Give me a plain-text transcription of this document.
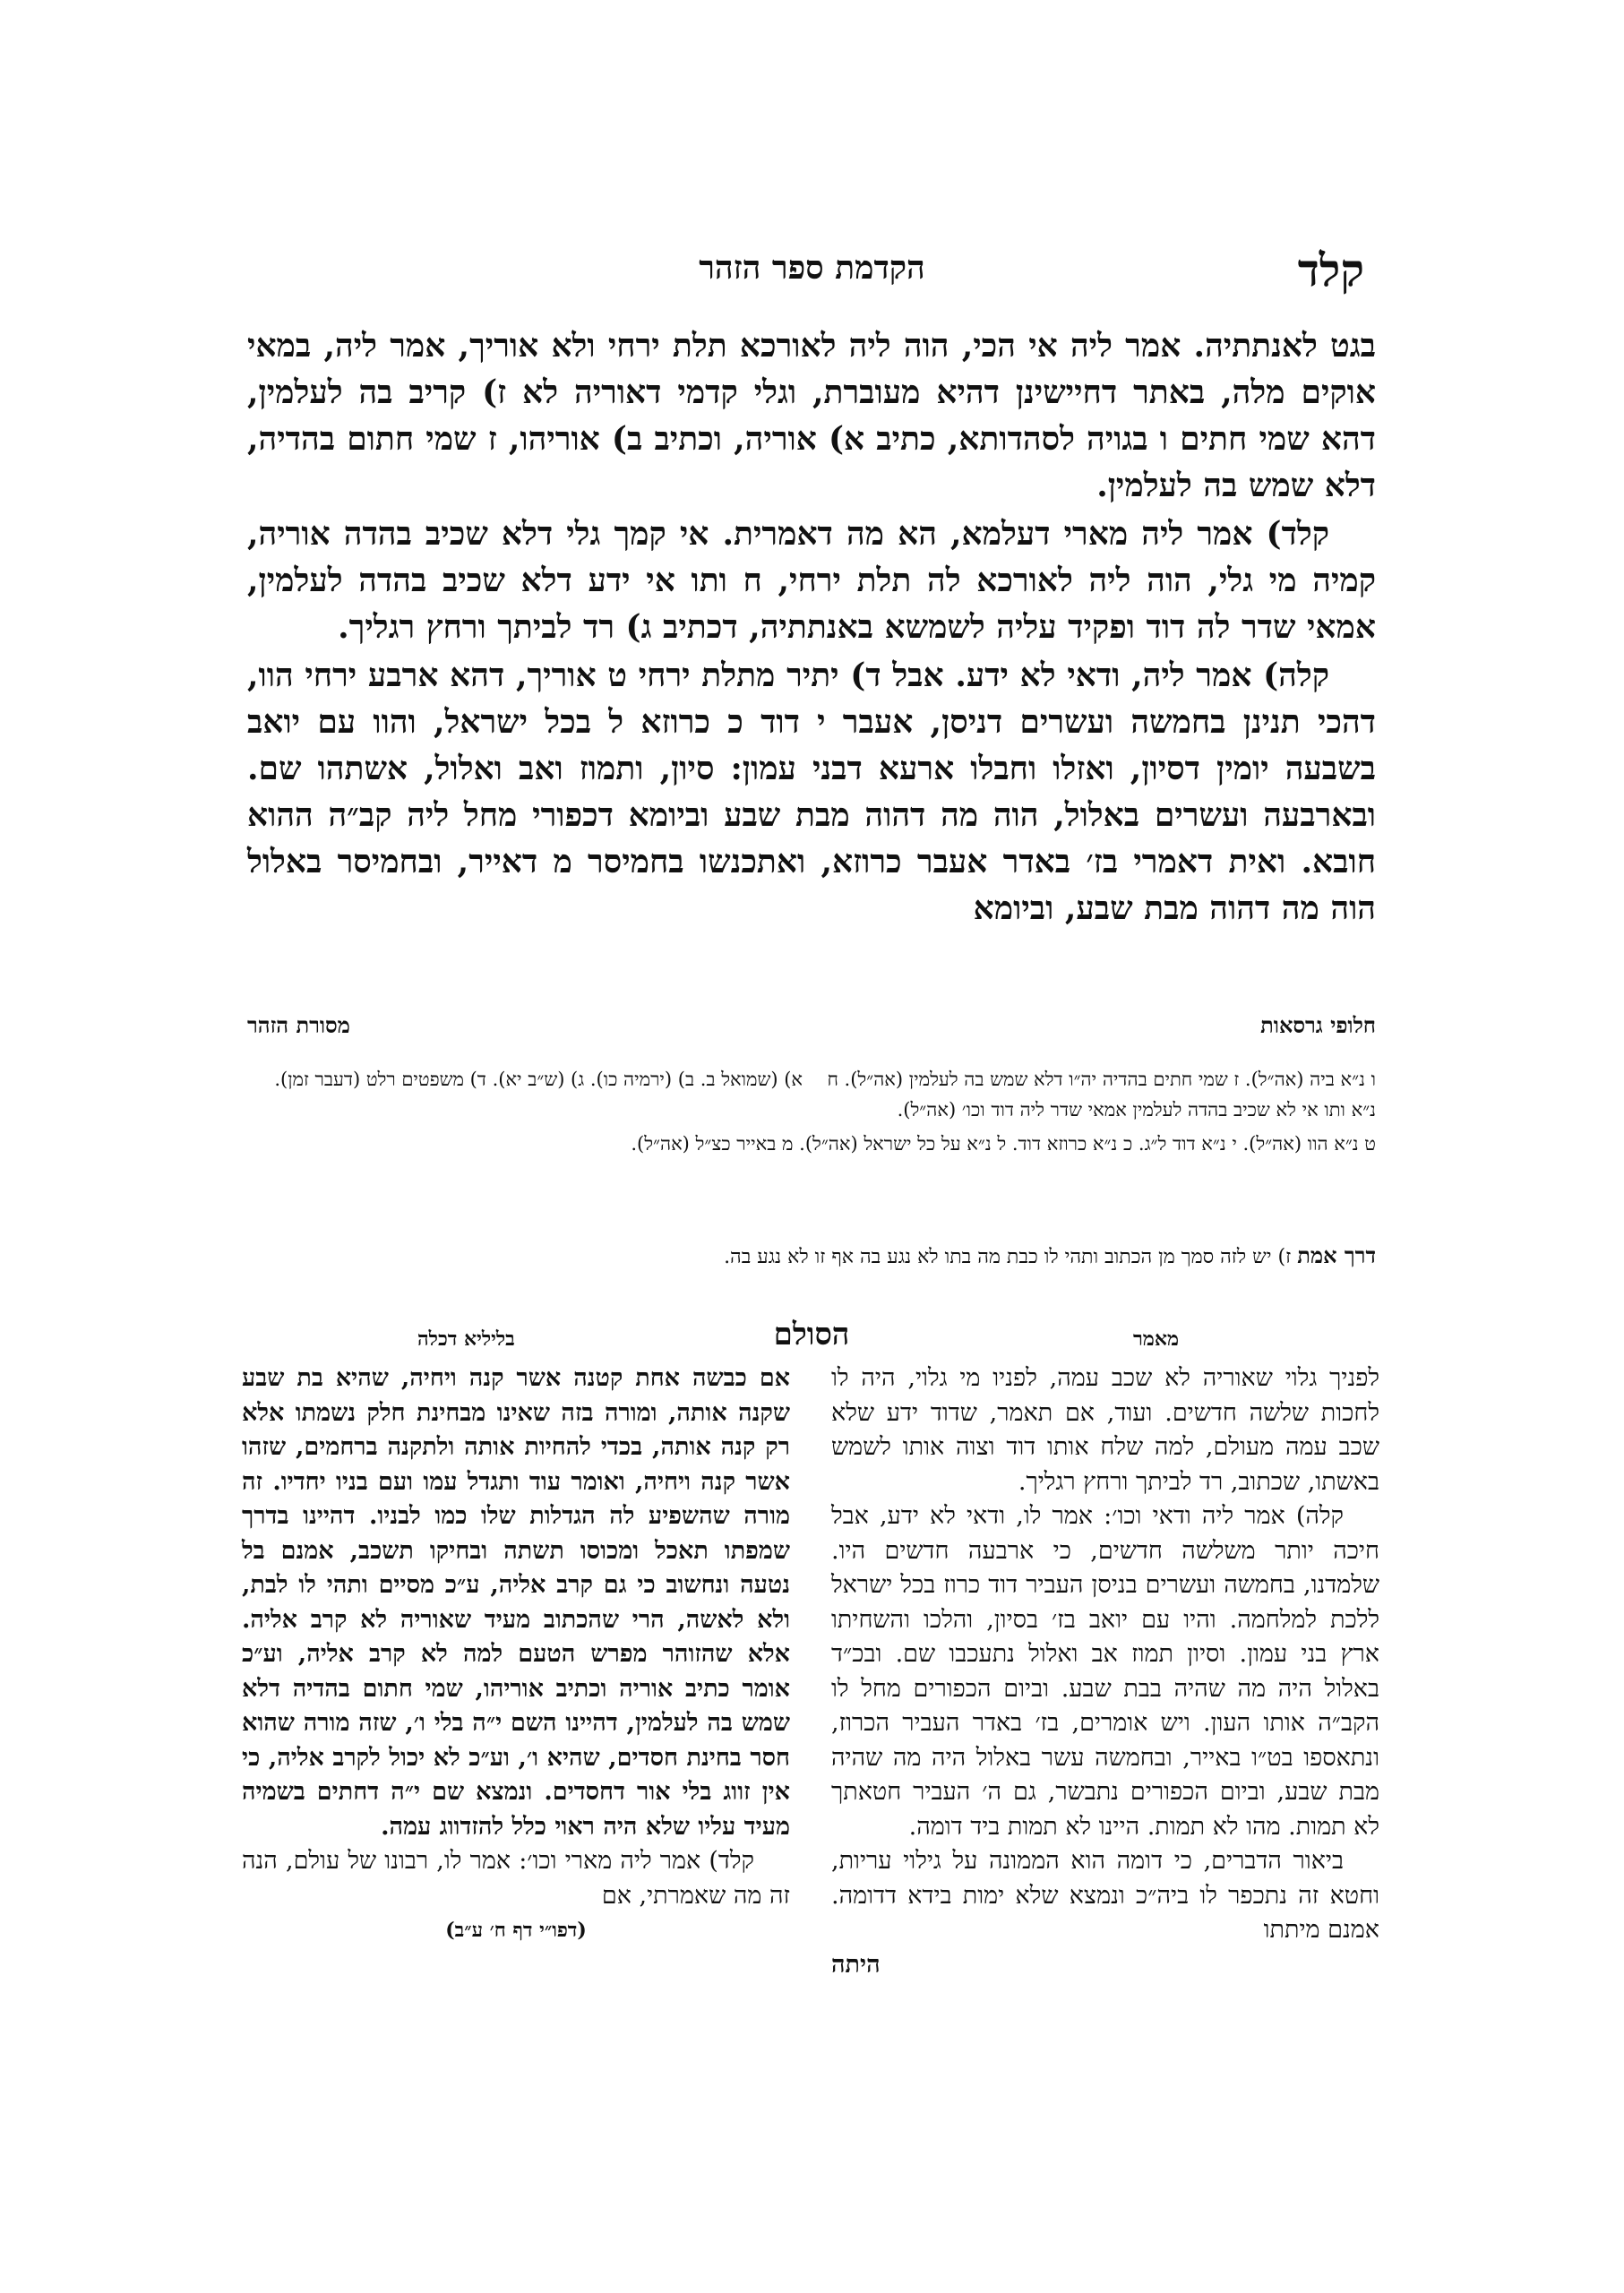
קלד
הקדמת ספר הזהר

בגט לאנתתיה. אמר ליה אי הכי, הוה ליה לאורכא תלת ירחי ולא אוריך, אמר ליה, במאי אוקים מלה, באתר דחיישינן דהיא מעוברת, וגלי קדמי דאוריה לא ז) קריב בה לעלמין, דהא שמי חתים ו בגויה לסהדותא, כתיב א) אוריה, וכתיב ב) אוריהו, ז שמי חתום בהדיה, דלא שמש בה לעלמין.

קלד) אמר ליה מארי דעלמא, הא מה דאמרית. אי קמך גלי דלא שכיב בהדה אוריה, קמיה מי גלי, הוה ליה לאורכא לה תלת ירחי, ח ותו אי ידע דלא שכיב בהדה לעלמין, אמאי שדר לה דוד ופקיד עליה לשמשא באנתתיה, דכתיב ג) רד לביתך ורחץ רגליך.

קלה) אמר ליה, ודאי לא ידע. אבל ד) יתיר מתלת ירחי ט אוריך, דהא ארבע ירחי הוו, דהכי תנינן בחמשה ועשרים דניסן, אעבר י דוד כ כרוזא ל בכל ישראל, והוו עם יואב בשבעה יומין דסיון, ואזלו וחבלו ארעא דבני עמון: סיון, ותמוז ואב ואלול, אשתהו שם. ובארבעה ועשרים באלול, הוה מה דהוה מבת שבע וביומא דכפורי מחל ליה קב״ה ההוא חובא. ואית דאמרי בז׳ באדר אעבר כרוזא, ואתכנשו בחמיסר מ דאייר, ובחמיסר באלול הוה מה דהוה מבת שבע, וביומא

מסורת הזהר	חלופי גרסאות
א) (שמואל ב. ב) (ירמיה כו). ג) (ש״ב יא). ד) משפטים רלט (דעבר זמן).	ו נ״א ביה (אה״ל). ז שמי חתים בהדיה יה״ו דלא שמש בה לעלמין (אה״ל). ח נ״א ותו אי לא שכיב בהדה לעלמין אמאי שדר ליה דוד וכו׳ (אה״ל).
ט נ״א הוו (אה״ל). י נ״א דוד ל״ג. כ נ״א כרוזא דוד. ל נ״א על כל ישראל (אה״ל). מ באייר כצ״ל (אה״ל).
דרך אמת ז) יש לזה סמך מן הכתוב ותהי לו כבת מה בתו לא נגע בה אף זו לא נגע בה.
מאמר
הסולם
בליליא דכלה

אם כבשה אחת קטנה אשר קנה ויחיה, שהיא בת שבע שקנה אותה, ומורה בזה שאינו מבחינת חלק נשמתו אלא רק קנה אותה, בכדי להחיות אותה ולתקנה ברחמים, שזהו אשר קנה ויחיה, ואומר עוד ותגדל עמו ועם בניו יחדיו. זה מורה שהשפיע לה הגדלות שלו כמו לבניו. דהיינו בדרך שמפתו תאכל ומכוסו תשתה ובחיקו תשכב, אמנם בל נטעה ונחשוב כי גם קרב אליה, ע״כ מסיים ותהי לו לבת, ולא לאשה, הרי שהכתוב מעיד שאוריה לא קרב אליה. אלא שהזוהר מפרש הטעם למה לא קרב אליה, וע״כ אומר כתיב אוריה וכתיב אוריהו, שמי חתום בהדיה דלא שמש בה לעלמין, דהיינו השם י״ה בלי ו׳, שזה מורה שהוא חסר בחינת חסדים, שהיא ו׳, וע״כ לא יכול לקרב אליה, כי אין זווג בלי אור דחסדים. ונמצא שם י״ה דחתים בשמיה מעיד עליו שלא היה ראוי כלל להזדווג עמה.

קלד) אמר ליה מארי וכו׳: אמר לו, רבונו של עולם, הנה זה מה שאמרתי, אם

(דפו״י דף ח׳ ע״ב)

לפניך גלוי שאוריה לא שכב עמה, לפניו מי גלוי, היה לו לחכות שלשה חדשים. ועוד, אם תאמר, שדוד ידע שלא שכב עמה מעולם, למה שלח אותו דוד וצוה אותו לשמש באשתו, שכתוב, רד לביתך ורחץ רגליך.

קלה) אמר ליה ודאי וכו׳: אמר לו, ודאי לא ידע, אבל חיכה יותר משלשה חדשים, כי ארבעה חדשים היו. שלמדנו, בחמשה ועשרים בניסן העביר דוד כרוז בכל ישראל ללכת למלחמה. והיו עם יואב בז׳ בסיון, והלכו והשחיתו ארץ בני עמון. וסיון תמוז אב ואלול נתעכבו שם. ובכ״ד באלול היה מה שהיה בבת שבע. וביום הכפורים מחל לו הקב״ה אותו העון. ויש אומרים, בז׳ באדר העביר הכרוז, ונתאספו בט״ו באייר, ובחמשה עשר באלול היה מה שהיה מבת שבע, וביום הכפורים נתבשר, גם ה׳ העביר חטאתך לא תמות. מהו לא תמות. היינו לא תמות ביד דומה.

ביאור הדברים, כי דומה הוא הממונה על גילוי עריות, וחטא זה נתכפר לו ביה״כ ונמצא שלא ימות בידא דדומה. אמנם מיתתו

היתה
